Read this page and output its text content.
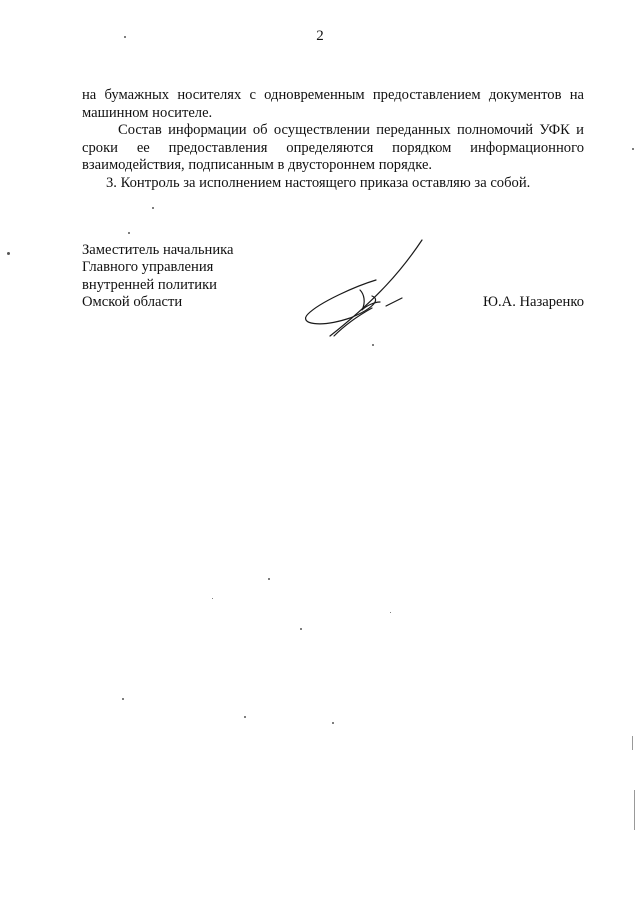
2

на бумажных носителях с одновременным предоставлением документов на машинном носителе.

Состав информации об осуществлении переданных полномочий УФК и сроки ее предоставления определяются порядком информационного взаимодействия, подписанным в двустороннем порядке.

3. Контроль за исполнением настоящего приказа оставляю за собой.

Заместитель начальника
Главного управления
внутренней политики
Омской области	Ю.А. Назаренко
